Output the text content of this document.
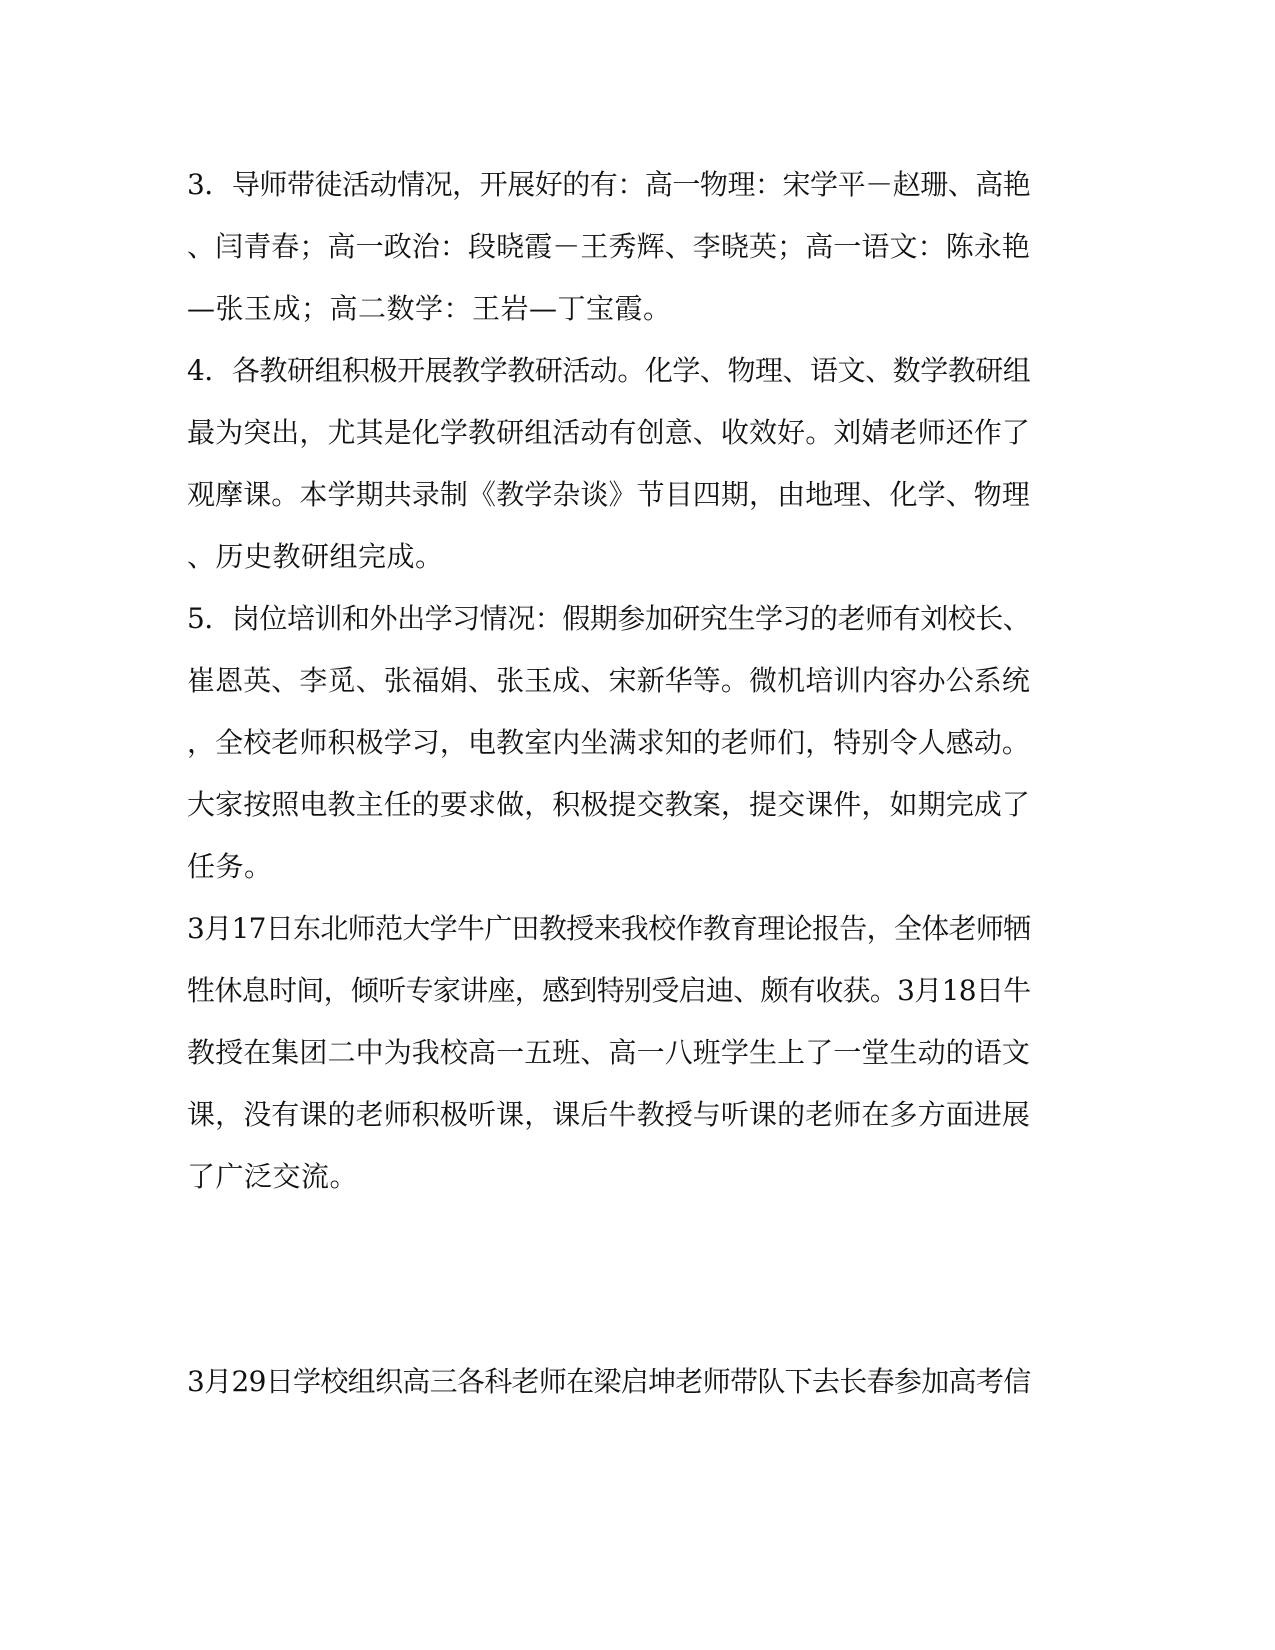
3．导师带徒活动情况，开展好的有：高一物理：宋学平－赵珊、高艳
、闫青春；高一政治：段晓霞－王秀辉、李晓英；高一语文：陈永艳
—张玉成；高二数学：王岩—丁宝霞。
4．各教研组积极开展教学教研活动。化学、物理、语文、数学教研组
最为突出，尤其是化学教研组活动有创意、收效好。刘婧老师还作了
观摩课。本学期共录制《教学杂谈》节目四期，由地理、化学、物理
、历史教研组完成。
5．岗位培训和外出学习情况：假期参加研究生学习的老师有刘校长、
崔恩英、李觅、张福娟、张玉成、宋新华等。微机培训内容办公系统
，全校老师积极学习，电教室内坐满求知的老师们，特别令人感动。
大家按照电教主任的要求做，积极提交教案，提交课件，如期完成了
任务。
3月17日东北师范大学牛广田教授来我校作教育理论报告，全体老师牺
牲休息时间，倾听专家讲座，感到特别受启迪、颇有收获。3月18日牛
教授在集团二中为我校高一五班、高一八班学生上了一堂生动的语文
课，没有课的老师积极听课，课后牛教授与听课的老师在多方面进展
了广泛交流。
3月29日学校组织高三各科老师在梁启坤老师带队下去长春参加高考信
